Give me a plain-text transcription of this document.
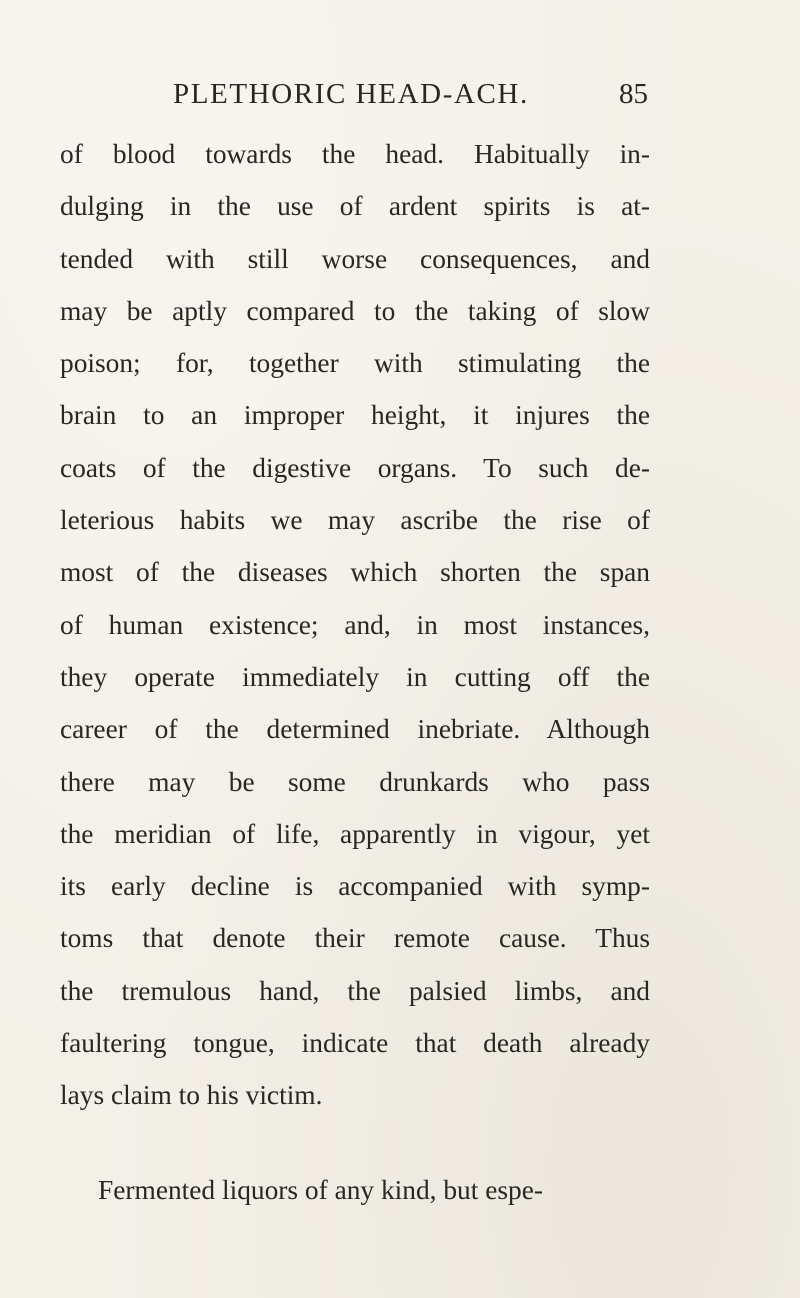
PLETHORIC HEAD-ACH.	85
of blood towards the head. Habitually in-
dulging in the use of ardent spirits is at-
tended with still worse consequences, and
may be aptly compared to the taking of slow
poison; for, together with stimulating the
brain to an improper height, it injures the
coats of the digestive organs. To such de-
leterious habits we may ascribe the rise of
most of the diseases which shorten the span
of human existence; and, in most instances,
they operate immediately in cutting off the
career of the determined inebriate. Although
there may be some drunkards who pass
the meridian of life, apparently in vigour, yet
its early decline is accompanied with symp-
toms that denote their remote cause. Thus
the tremulous hand, the palsied limbs, and
faultering tongue, indicate that death already
lays claim to his victim.
Fermented liquors of any kind, but espe-
